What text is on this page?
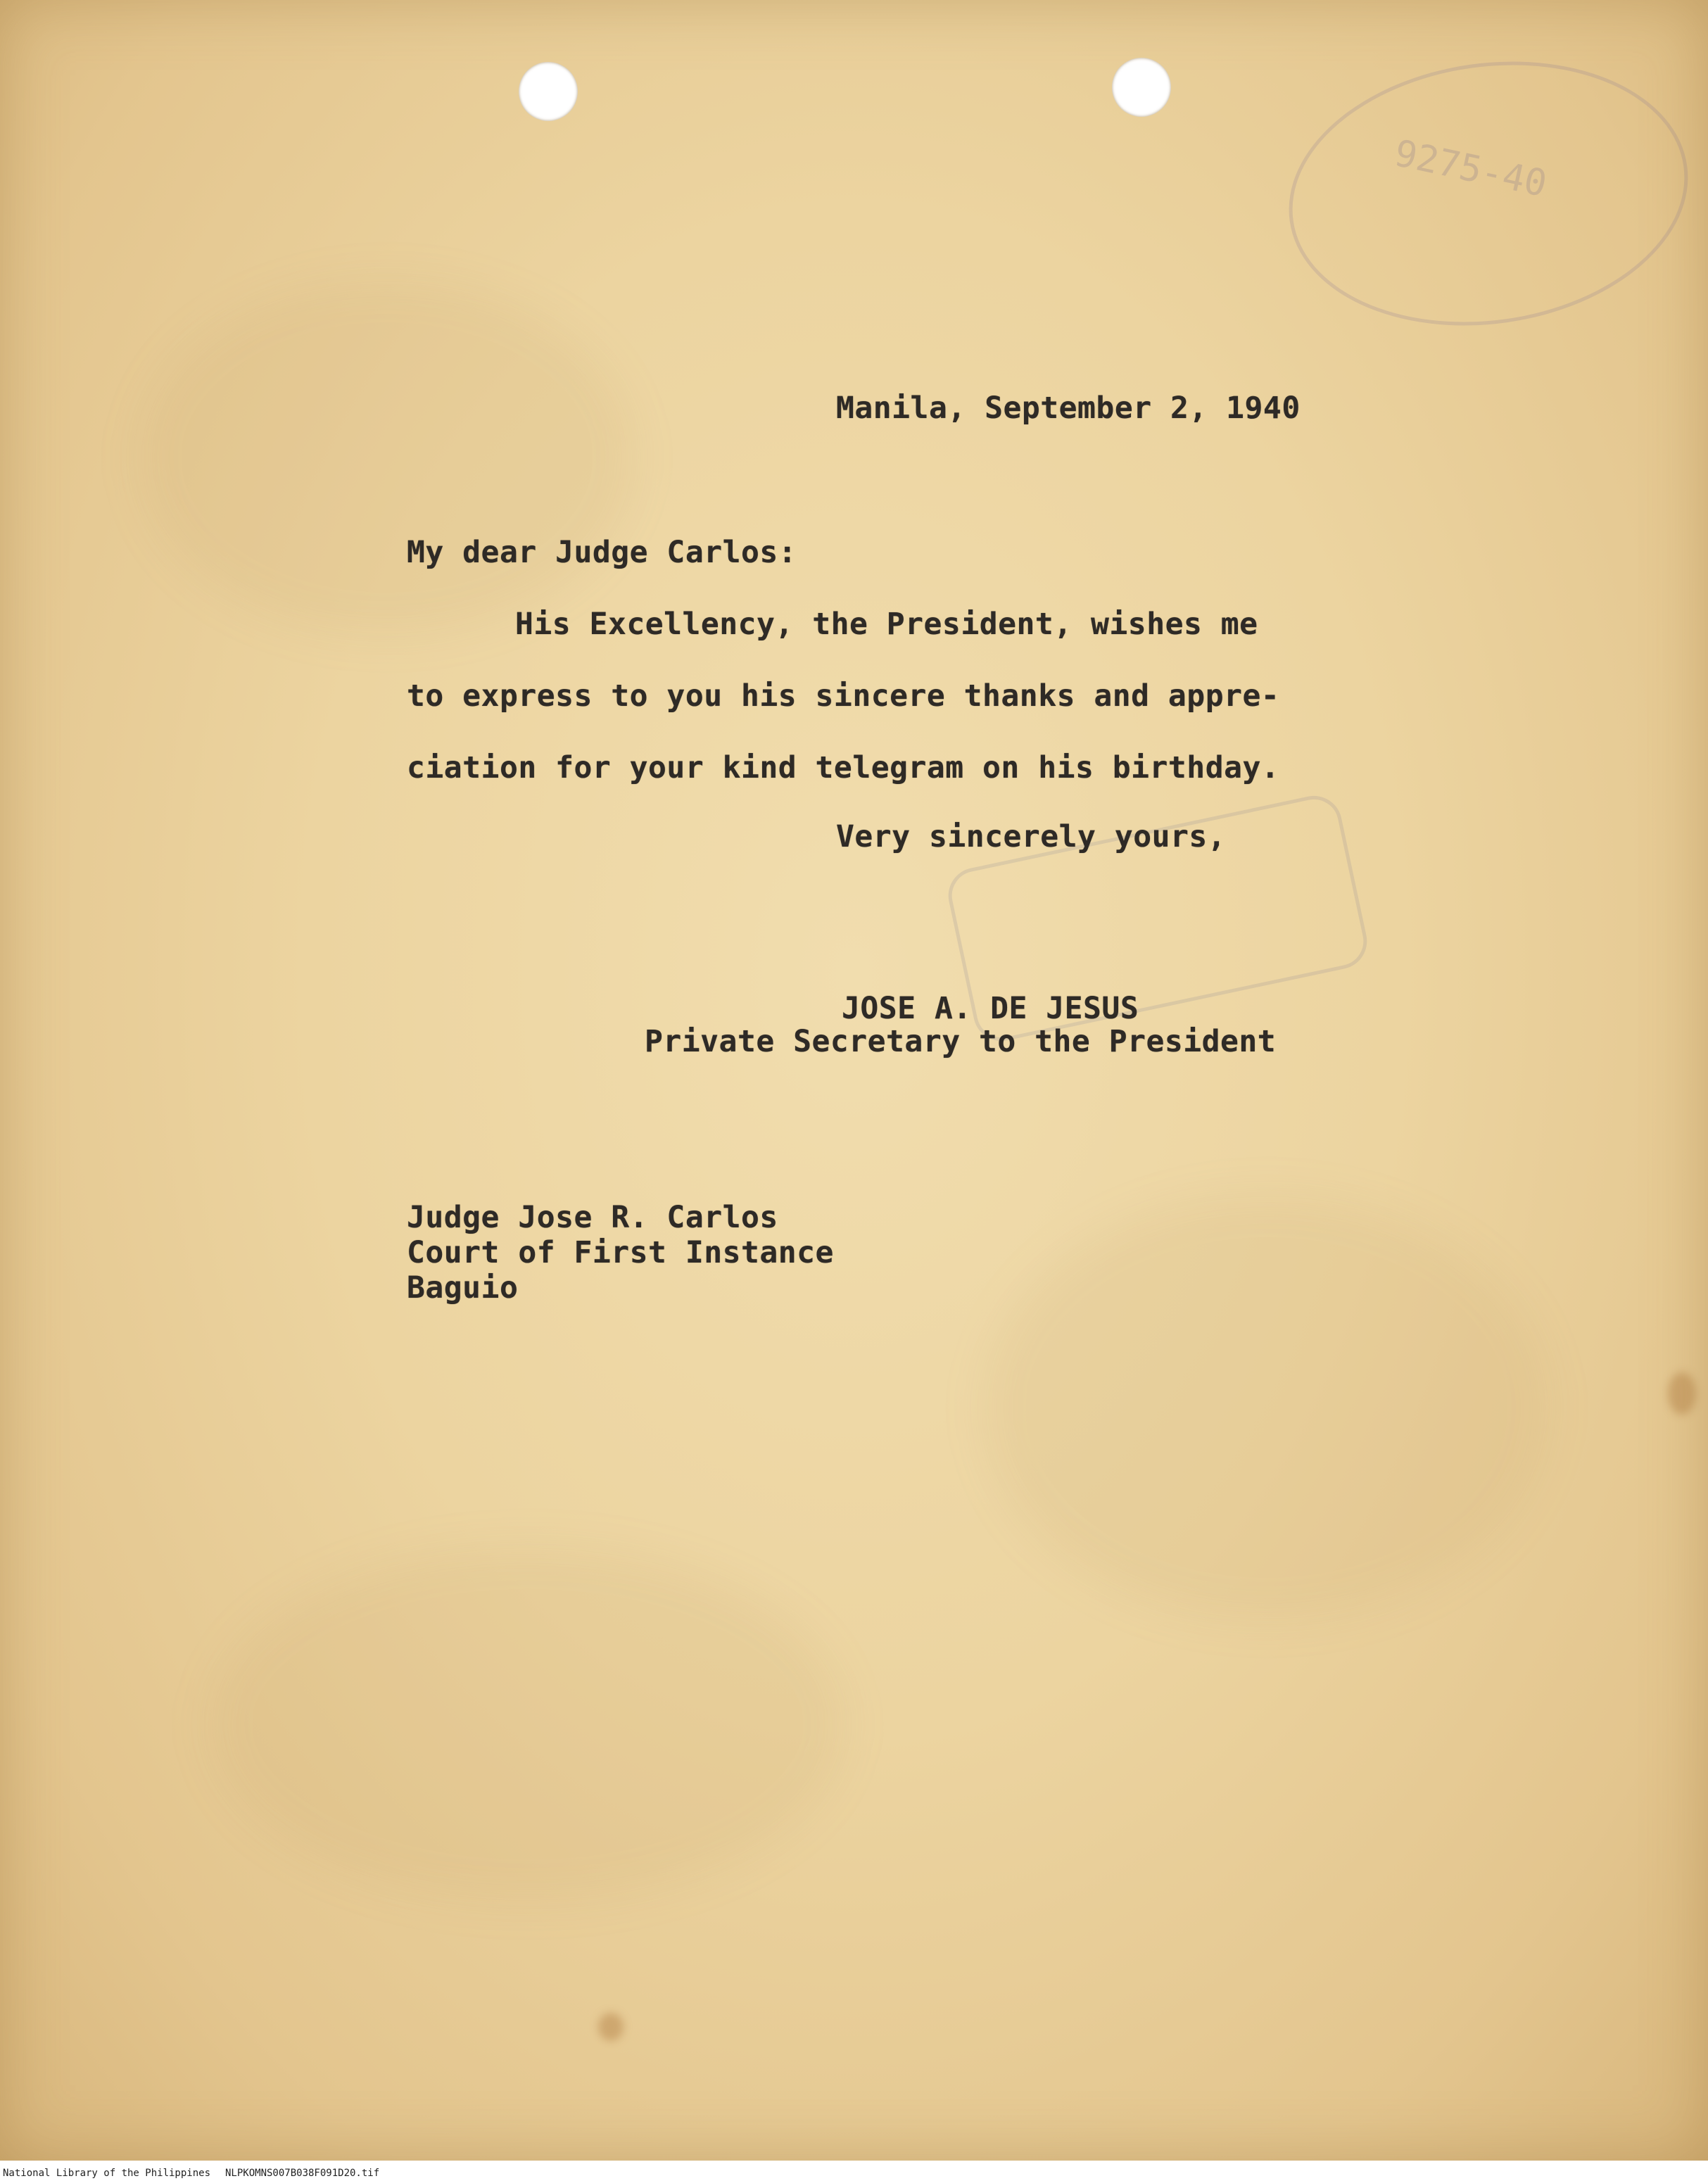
9275-40
Manila, September 2, 1940
My dear Judge Carlos:
His Excellency, the President, wishes me
to express to you his sincere thanks and appre-
ciation for your kind telegram on his birthday.
Very sincerely yours,
JOSE A. DE JESUS
Private Secretary to the President
Judge Jose R. Carlos
Court of First Instance
Baguio
National Library of the Philippines NLPKOMNS007B038F091D20.tif
